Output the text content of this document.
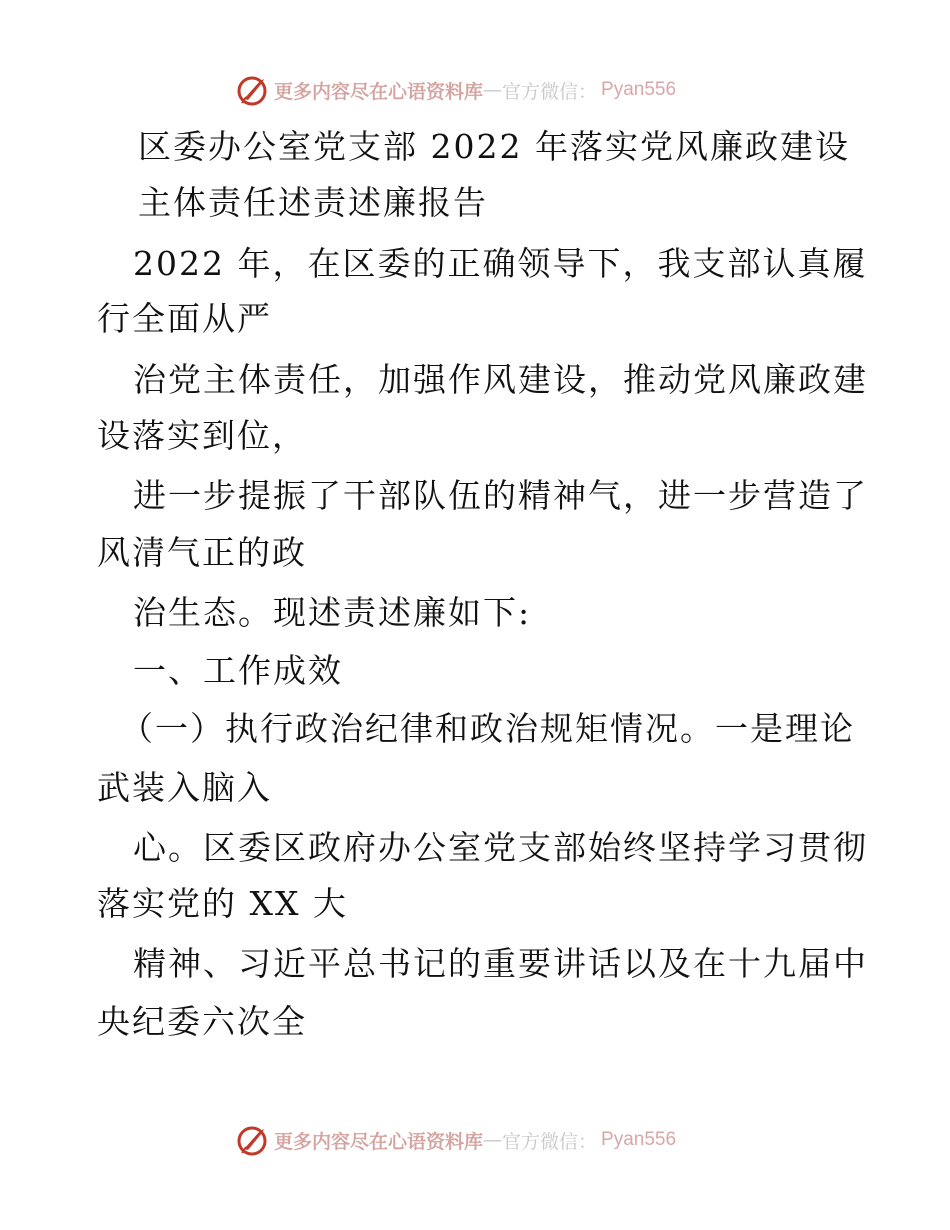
更多内容尽在心语资料库 — 官方微信： Pyan556
区委办公室党支部 2022 年落实党风廉政建设
主体责任述责述廉报告
2022 年，在区委的正确领导下，我支部认真履
行全面从严
治党主体责任，加强作风建设，推动党风廉政建
设落实到位，
进一步提振了干部队伍的精神气，进一步营造了
风清气正的政
治生态。现述责述廉如下:
一、工作成效
（一）执行政治纪律和政治规矩情况。一是理论
武装入脑入
心。区委区政府办公室党支部始终坚持学习贯彻
落实党的 XX 大
精神、习近平总书记的重要讲话以及在十九届中
央纪委六次全
更多内容尽在心语资料库 — 官方微信： Pyan556
